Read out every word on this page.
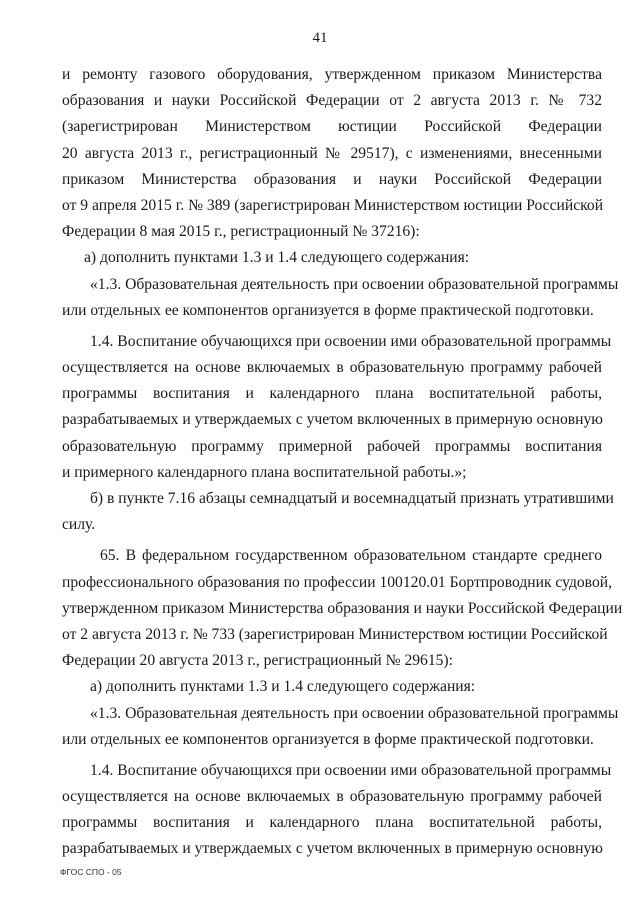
41
и ремонту газового оборудования, утвержденном приказом Министерства
образования и науки Российской Федерации от 2 августа 2013 г. № 732
(зарегистрирован Министерством юстиции Российской Федерации
20 августа 2013 г., регистрационный № 29517), с изменениями, внесенными
приказом Министерства образования и науки Российской Федерации
от 9 апреля 2015 г. № 389 (зарегистрирован Министерством юстиции Российской
Федерации 8 мая 2015 г., регистрационный № 37216):
а) дополнить пунктами 1.3 и 1.4 следующего содержания:
«1.3. Образовательная деятельность при освоении образовательной программы
или отдельных ее компонентов организуется в форме практической подготовки.
1.4. Воспитание обучающихся при освоении ими образовательной программы
осуществляется на основе включаемых в образовательную программу рабочей
программы воспитания и календарного плана воспитательной работы,
разрабатываемых и утверждаемых с учетом включенных в примерную основную
образовательную программу примерной рабочей программы воспитания
и примерного календарного плана воспитательной работы.»;
б) в пункте 7.16 абзацы семнадцатый и восемнадцатый признать утратившими
силу.
65. В федеральном государственном образовательном стандарте среднего
профессионального образования по профессии 100120.01 Бортпроводник судовой,
утвержденном приказом Министерства образования и науки Российской Федерации
от 2 августа 2013 г. № 733 (зарегистрирован Министерством юстиции Российской
Федерации 20 августа 2013 г., регистрационный № 29615):
а) дополнить пунктами 1.3 и 1.4 следующего содержания:
«1.3. Образовательная деятельность при освоении образовательной программы
или отдельных ее компонентов организуется в форме практической подготовки.
1.4. Воспитание обучающихся при освоении ими образовательной программы
осуществляется на основе включаемых в образовательную программу рабочей
программы воспитания и календарного плана воспитательной работы,
разрабатываемых и утверждаемых с учетом включенных в примерную основную
ФГОС СПО - 05
